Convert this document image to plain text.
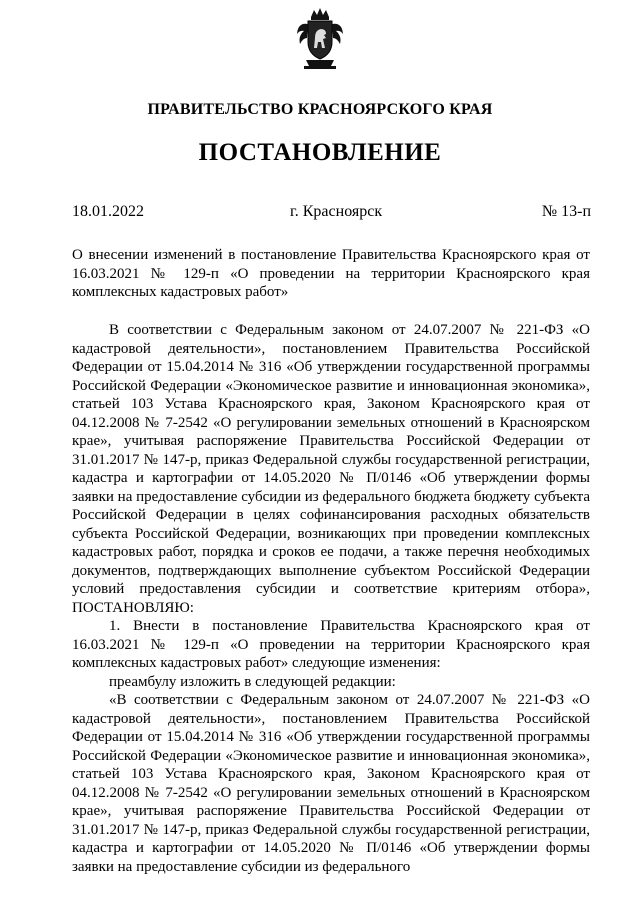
ПРАВИТЕЛЬСТВО КРАСНОЯРСКОГО КРАЯ
ПОСТАНОВЛЕНИЕ
18.01.2022	г. Красноярск	№ 13-п

О внесении изменений в постановление Правительства Красноярского края от 16.03.2021 № 129-п «О проведении на территории Красноярского края комплексных кадастровых работ»

В соответствии с Федеральным законом от 24.07.2007 № 221-ФЗ «О кадастровой деятельности», постановлением Правительства Российской Федерации от 15.04.2014 № 316 «Об утверждении государственной программы Российской Федерации «Экономическое развитие и инновационная экономика», статьей 103 Устава Красноярского края, Законом Красноярского края от 04.12.2008 № 7-2542 «О регулировании земельных отношений в Красноярском крае», учитывая распоряжение Правительства Российской Федерации от 31.01.2017 № 147-р, приказ Федеральной службы государственной регистрации, кадастра и картографии от 14.05.2020 № П/0146 «Об утверждении формы заявки на предоставление субсидии из федерального бюджета бюджету субъекта Российской Федерации в целях софинансирования расходных обязательств субъекта Российской Федерации, возникающих при проведении комплексных кадастровых работ, порядка и сроков ее подачи, а также перечня необходимых документов, подтверждающих выполнение субъектом Российской Федерации условий предоставления субсидии и соответствие критериям отбора», ПОСТАНОВЛЯЮ:

1. Внести в постановление Правительства Красноярского края от 16.03.2021 № 129-п «О проведении на территории Красноярского края комплексных кадастровых работ» следующие изменения:

преамбулу изложить в следующей редакции:

«В соответствии с Федеральным законом от 24.07.2007 № 221-ФЗ «О кадастровой деятельности», постановлением Правительства Российской Федерации от 15.04.2014 № 316 «Об утверждении государственной программы Российской Федерации «Экономическое развитие и инновационная экономика», статьей 103 Устава Красноярского края, Законом Красноярского края от 04.12.2008 № 7-2542 «О регулировании земельных отношений в Красноярском крае», учитывая распоряжение Правительства Российской Федерации от 31.01.2017 № 147-р, приказ Федеральной службы государственной регистрации, кадастра и картографии от 14.05.2020 № П/0146 «Об утверждении формы заявки на предоставление субсидии из федерального
